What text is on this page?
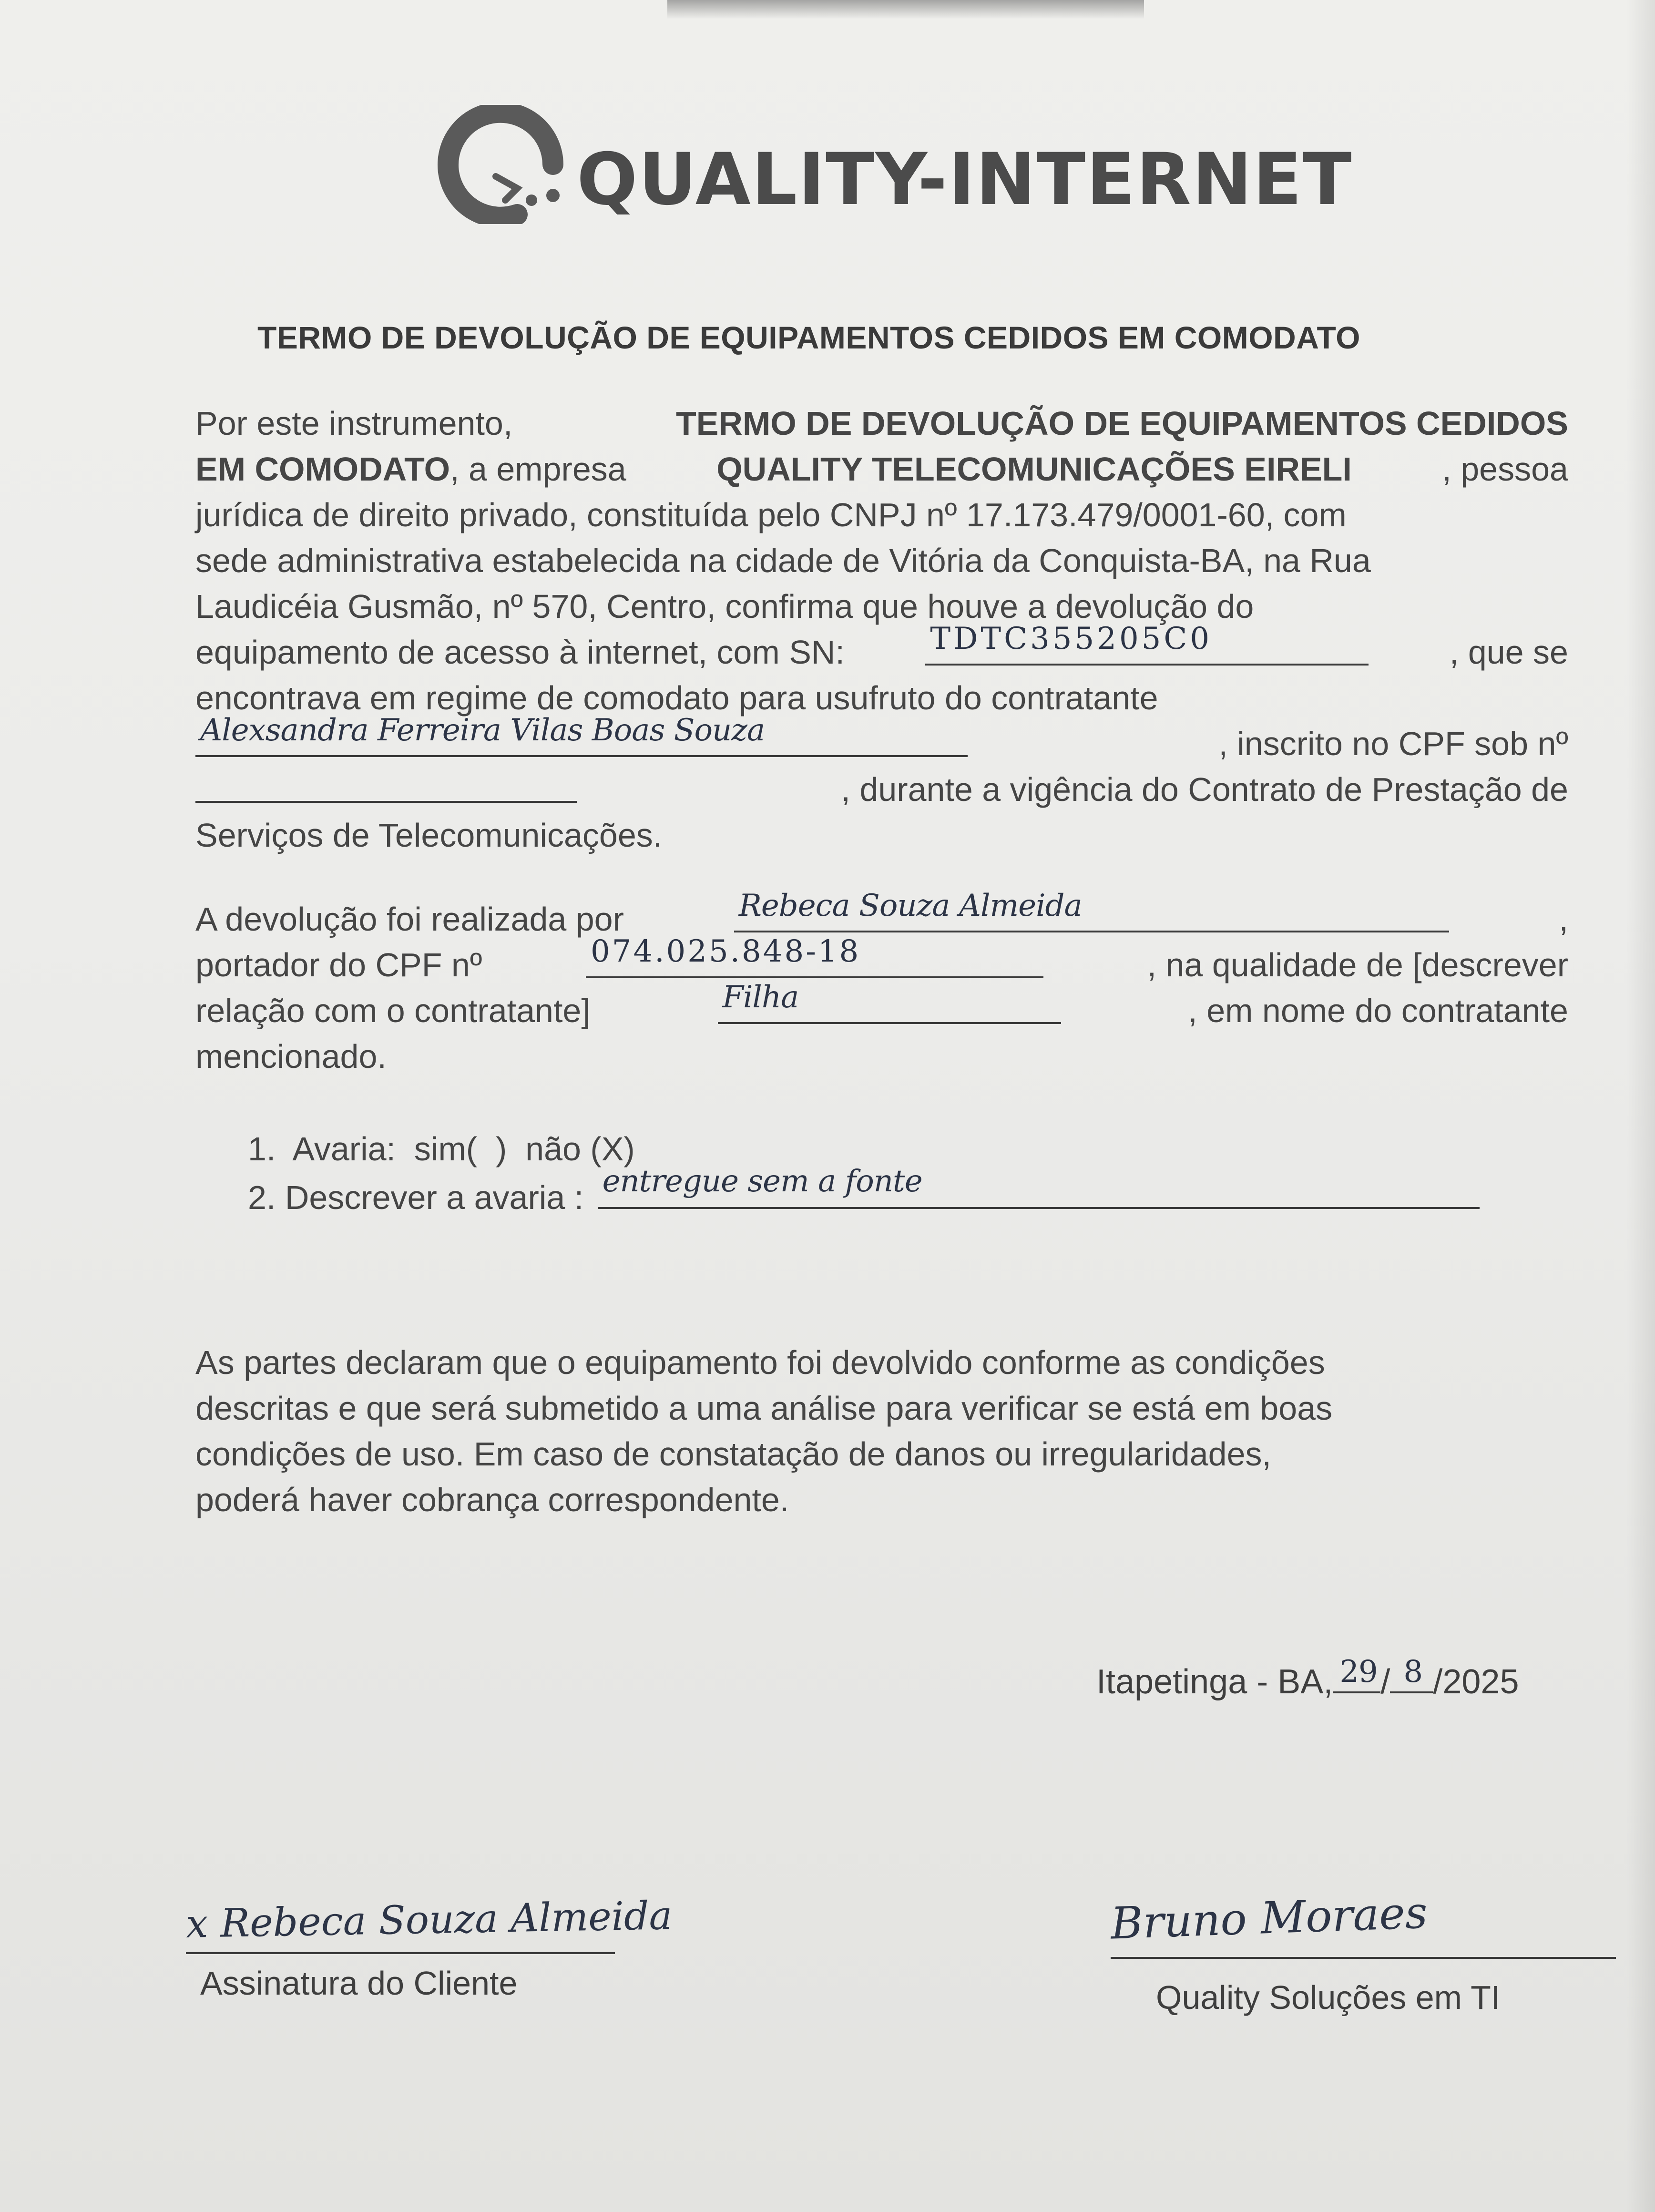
QUALITY-INTERNET
TERMO DE DEVOLUÇÃO DE EQUIPAMENTOS CEDIDOS EM COMODATO
Por este instrumento,	TERMO DE DEVOLUÇÃO DE EQUIPAMENTOS CEDIDOS
EM COMODATO, a empresa	QUALITY TELECOMUNICAÇÕES EIRELI	, pessoa
jurídica de direito privado, constituída pelo CNPJ nº 17.173.479/0001-60, com
sede administrativa estabelecida na cidade de Vitória da Conquista-BA, na Rua
Laudicéia Gusmão, nº 570, Centro, confirma que houve a devolução do
equipamento de acesso à internet, com SN:	TDTC355205C0	, que se
encontrava em regime de comodato para usufruto do contratante
Alexsandra Ferreira Vilas Boas Souza	, inscrito no CPF sob nº
, durante a vigência do Contrato de Prestação de
Serviços de Telecomunicações.
A devolução foi realizada por	Rebeca Souza Almeida	,
portador do CPF nº	074.025.848-18	, na qualidade de [descrever
relação com o contratante]	Filha	, em nome do contratante
mencionado.
1.  Avaria:  sim(  )  não (X)
2. Descrever a avaria : entregue sem a fonte
As partes declaram que o equipamento foi devolvido conforme as condições
descritas e que será submetido a uma análise para verificar se está em boas
condições de uso. Em caso de constatação de danos ou irregularidades,
poderá haver cobrança correspondente.
Itapetinga - BA, 29 / 8 /2025
x Rebeca Souza Almeida
Assinatura do Cliente
Bruno Moraes
Quality Soluções em TI
